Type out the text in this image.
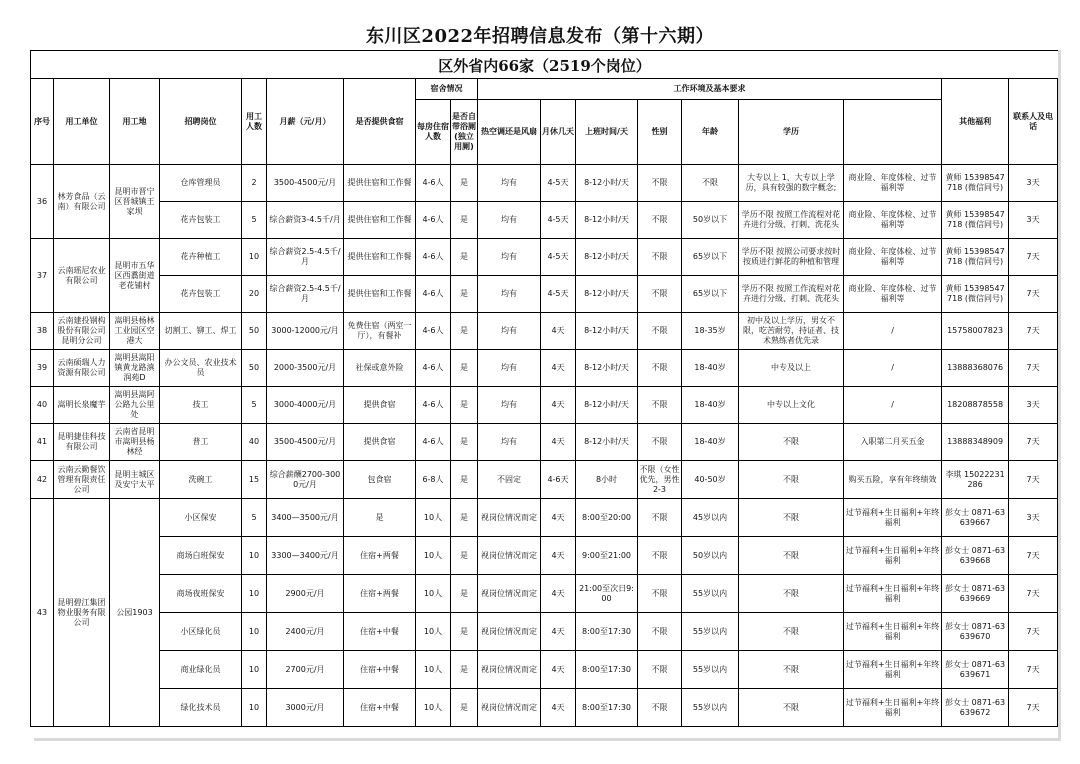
东川区2022年招聘信息发布（第十六期）
区外省内66家（2519个岗位）
序号	用工单位	用工地	招聘岗位	用工人数	月薪（元/月）	是否提供食宿	宿舍情况		工作环境及基本要求							其他福利	联系人及电话	
							每房住宿人数	是否自带浴厕(独立用厕)	热空调还是风扇	月休几天	上班时间/天	性别	年龄	学历				
36	林芳食品（云南）有限公司	昆明市晋宁区晋城镇王家坝	仓库管理员	2	3500-4500元/月	提供住宿和工作餐	4-6人	是	均有	4-5天	8-12小时/天	不限	不限	大专以上 1、大专以上学历，具有较强的数字概念;	商业险、年度体检、过节福利等	黄师 15398547718 (微信同号)	3天	
			花卉包装工	5	综合薪资3-4.5千/月	提供住宿和工作餐	4-6人	是	均有	4-5天	8-12小时/天	不限	50岁以下	学历不限 按照工作流程对花卉进行分级、打刺、洗花头	商业险、年度体检、过节福利等	黄师 15398547718 (微信同号)	3天	
37	云南瑶尼农业有限公司	昆明市五华区西翥街道老花铺村	花卉种植工	10	综合薪资2.5-4.5千/月	提供住宿和工作餐	4-6人	是	均有	4-5天	8-12小时/天	不限	65岁以下	学历不限 按照公司要求按时按质进行鲜花的种植和管理	商业险、年度体检、过节福利等	黄师 15398547718 (微信同号)	7天	
			花卉包装工	20	综合薪资2.5-4.5千/月	提供住宿和工作餐	4-6人	是	均有	4-5天	8-12小时/天	不限	65岁以下	学历不限 按照工作流程对花卉进行分级、打刺、洗花头	商业险、年度体检、过节福利等	黄师 15398547718 (微信同号)	7天	
38	云南建投钢构股份有限公司昆明分公司	嵩明县杨林工业园区空港大	切割工、铆工、焊工	50	3000-12000元/月	免费住宿（两室一厅），有餐补	4-6人	是	均有	4天	8-12小时/天	不限	18-35岁	初中及以上学历，男女不限，吃苦耐劳，持证者、技术熟练者优先录	/	15758007823	7天	
39	云南硕瑞人力资源有限公司	嵩明县嵩阳镇黄龙路滇润苑D	办公文员、农业技术员	50	2000-3500元/月	社保或意外险	4-6人	是	均有	4天	8-12小时/天	不限	18-40岁	中专及以上	/	13888368076	7天	
40	嵩明长泉魔芋	嵩明县嵩阿公路九公里处	技工	5	3000-4000元/月	提供食宿	4-6人	是	均有	4天	8-12小时/天	不限	18-40岁	中专以上文化	/	18208878558	3天	
41	昆明捷佳科技有限公司	云南省昆明市嵩明县杨林经	普工	40	3500-4500元/月	提供食宿	4-6人	是	均有	4天	8-12小时/天	不限	18-40岁	不限	入职第二月买五金	13888348909	7天	
42	云南云勤餐饮管理有限责任公司	昆明主城区及安宁太平	洗碗工	15	综合薪酬2700-3000元/月	包食宿	6-8人	是	不固定	4-6天	8小时	不限（女性优先，男性2-3	40-50岁	不限	购买五险，享有年终绩效	李琪 15022231286	7天	
43	昆明碧江集团物业服务有限公司	公园1903	小区保安	5	3400—3500元/月	是	10人	是	视岗位情况而定	4天	8:00至20:00	不限	45岁以内	不限	过节福利+生日福利+年终福利	彭女士 0871-63639667	3天	
			商场白班保安	10	3300—3400元/月	住宿+两餐	10人	是	视岗位情况而定	4天	9:00至21:00	不限	50岁以内	不限	过节福利+生日福利+年终福利	彭女士 0871-63639668	7天	
			商场夜班保安	10	2900元/月	住宿+两餐	10人	是	视岗位情况而定	4天	21:00至次日9:00	不限	55岁以内	不限	过节福利+生日福利+年终福利	彭女士 0871-63639669	7天	
			小区绿化员	10	2400元/月	住宿+中餐	10人	是	视岗位情况而定	4天	8:00至17:30	不限	55岁以内	不限	过节福利+生日福利+年终福利	彭女士 0871-63639670	7天	
			商业绿化员	10	2700元/月	住宿+中餐	10人	是	视岗位情况而定	4天	8:00至17:30	不限	55岁以内	不限	过节福利+生日福利+年终福利	彭女士 0871-63639671	7天	
			绿化技术员	10	3000元/月	住宿+中餐	10人	是	视岗位情况而定	4天	8:00至17:30	不限	55岁以内	不限	过节福利+生日福利+年终福利	彭女士 0871-63639672	7天	
